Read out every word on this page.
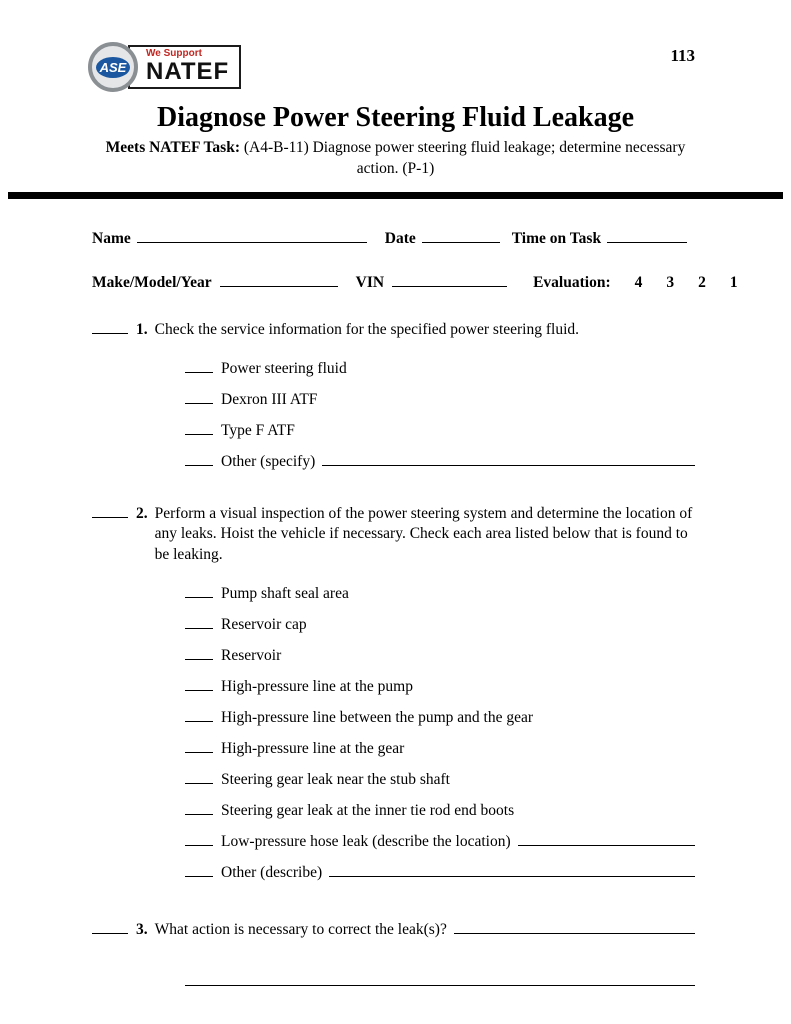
ASE
We Support
NATEF
113
Diagnose Power Steering Fluid Leakage

Meets NATEF Task: (A4-B-11) Diagnose power steering fluid leakage; determine necessary
action. (P-1)

Name	Date	Time on Task
Make/Model/Year	VIN	Evaluation: 4 3 2 1
1. Check the service information for the specified power steering fluid.
Power steering fluid
Dexron III ATF
Type F ATF
Other (specify)
2. Perform a visual inspection of the power steering system and determine the location of any leaks. Hoist the vehicle if necessary. Check each area listed below that is found to be leaking.
Pump shaft seal area
Reservoir cap
Reservoir
High-pressure line at the pump
High-pressure line between the pump and the gear
High-pressure line at the gear
Steering gear leak near the stub shaft
Steering gear leak at the inner tie rod end boots
Low-pressure hose leak (describe the location)
Other (describe)
3. What action is necessary to correct the leak(s)?
